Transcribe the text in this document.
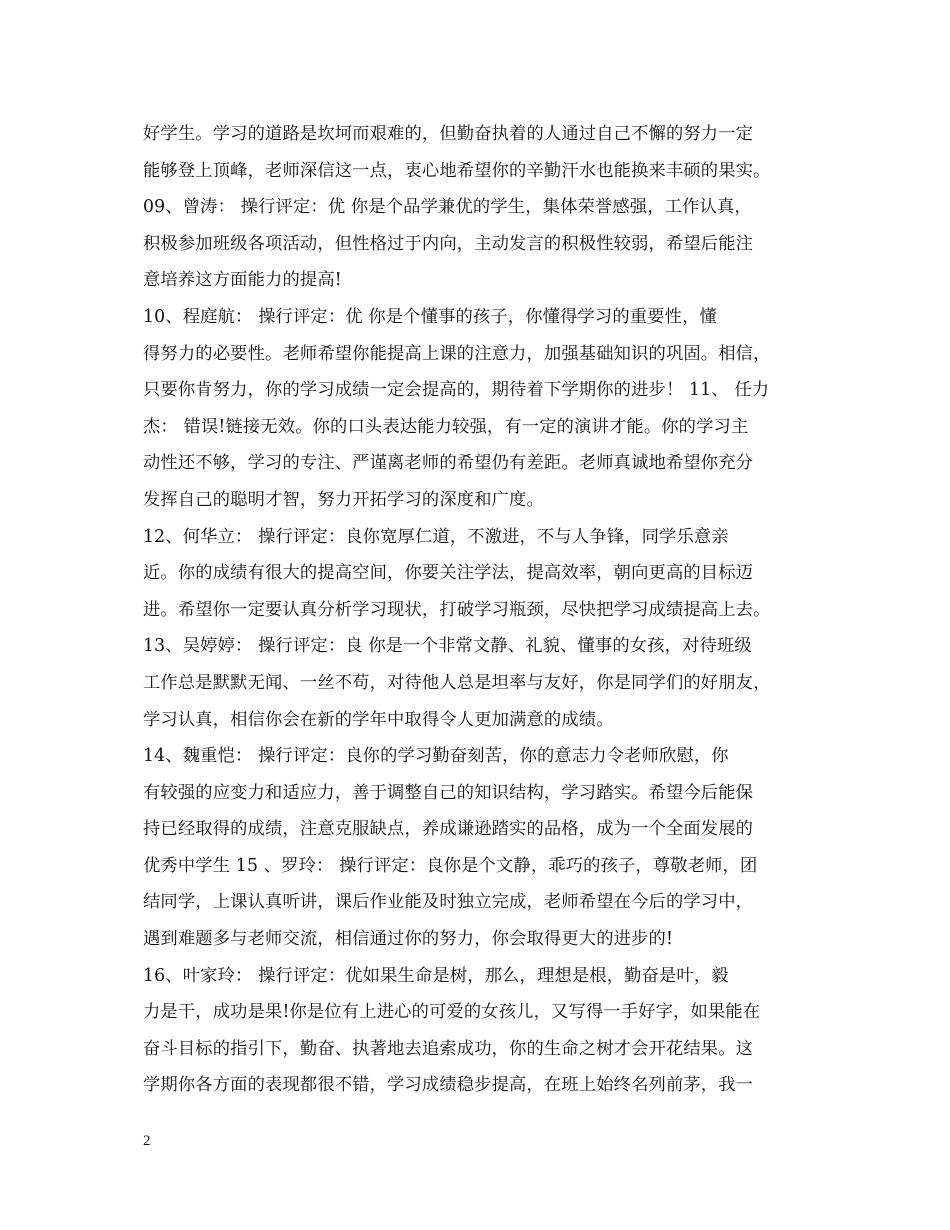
好学生。学习的道路是坎坷而艰难的，但勤奋执着的人通过自己不懈的努力一定
能够登上顶峰，老师深信这一点，衷心地希望你的辛勤汗水也能换来丰硕的果实。
09、曾涛： 操行评定：优 你是个品学兼优的学生，集体荣誉感强，工作认真，
积极参加班级各项活动，但性格过于内向，主动发言的积极性较弱，希望后能注
意培养这方面能力的提高!
10、程庭航： 操行评定：优 你是个懂事的孩子，你懂得学习的重要性，懂
得努力的必要性。老师希望你能提高上课的注意力，加强基础知识的巩固。相信，
只要你肯努力，你的学习成绩一定会提高的，期待着下学期你的进步！ 11、 任力
杰： 错误!链接无效。你的口头表达能力较强，有一定的演讲才能。你的学习主
动性还不够，学习的专注、严谨离老师的希望仍有差距。老师真诚地希望你充分
发挥自己的聪明才智，努力开拓学习的深度和广度。
12、何华立： 操行评定：良你宽厚仁道，不激进，不与人争锋，同学乐意亲
近。你的成绩有很大的提高空间，你要关注学法，提高效率，朝向更高的目标迈
进。希望你一定要认真分析学习现状，打破学习瓶颈，尽快把学习成绩提高上去。
13、吴婷婷： 操行评定：良 你是一个非常文静、礼貌、懂事的女孩，对待班级
工作总是默默无闻、一丝不苟，对待他人总是坦率与友好，你是同学们的好朋友，
学习认真，相信你会在新的学年中取得令人更加满意的成绩。
14、魏重恺： 操行评定：良你的学习勤奋刻苦，你的意志力令老师欣慰，你
有较强的应变力和适应力，善于调整自己的知识结构，学习踏实。希望今后能保
持已经取得的成绩，注意克服缺点，养成谦逊踏实的品格，成为一个全面发展的
优秀中学生 15 、罗玲： 操行评定：良你是个文静，乖巧的孩子，尊敬老师，团
结同学，上课认真听讲，课后作业能及时独立完成，老师希望在今后的学习中，
遇到难题多与老师交流，相信通过你的努力，你会取得更大的进步的!
16、叶家玲： 操行评定：优如果生命是树，那么，理想是根，勤奋是叶，毅
力是干，成功是果!你是位有上进心的可爱的女孩儿，又写得一手好字，如果能在
奋斗目标的指引下，勤奋、执著地去追索成功，你的生命之树才会开花结果。这
学期你各方面的表现都很不错，学习成绩稳步提高，在班上始终名列前茅，我一
2
